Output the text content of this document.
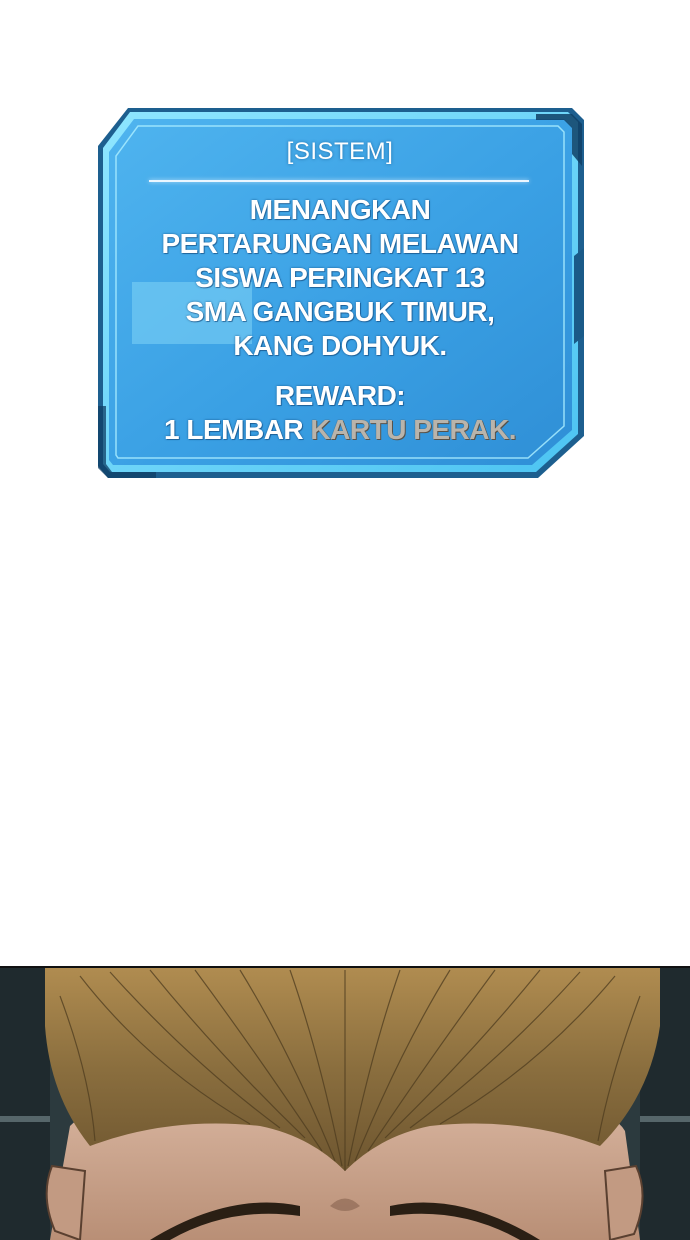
[SISTEM]
MENANGKAN
PERTARUNGAN MELAWAN
SISWA PERINGKAT 13
SMA GANGBUK TIMUR,
KANG DOHYUK.
REWARD:
1 LEMBAR KARTU PERAK.
